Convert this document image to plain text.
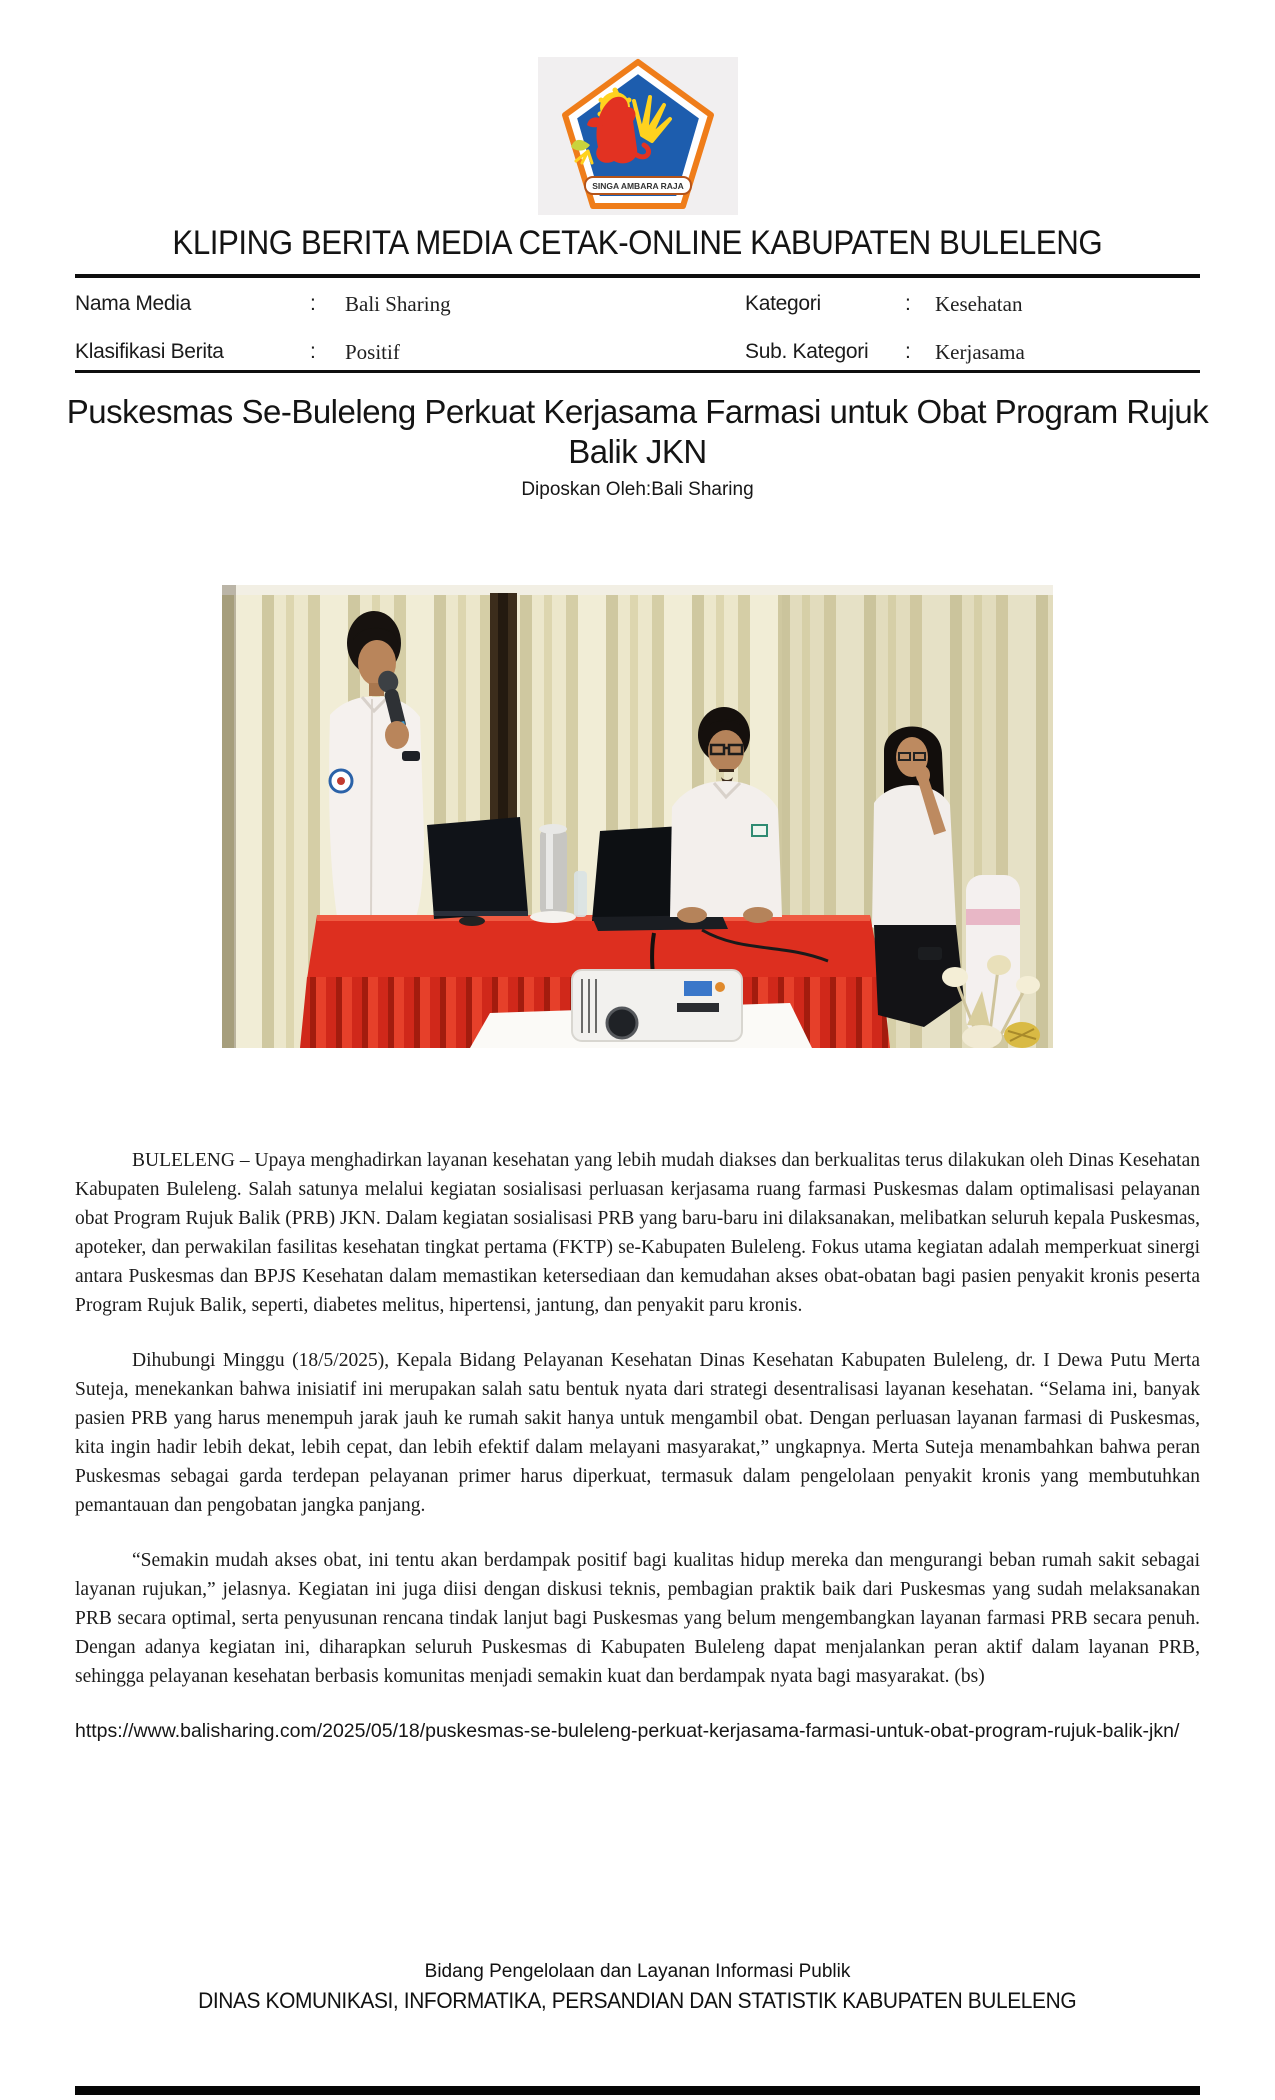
SINGA AMBARA RAJA
KLIPING BERITA MEDIA CETAK-ONLINE KABUPATEN BULELENG
Nama Media	:	Bali Sharing
Klasifikasi Berita	:	Positif
Kategori	:	Kesehatan
Sub. Kategori	:	Kerjasama
Puskesmas Se-Buleleng Perkuat Kerjasama Farmasi untuk Obat Program Rujuk Balik JKN
Diposkan Oleh:Bali Sharing

BULELENG – Upaya menghadirkan layanan kesehatan yang lebih mudah diakses dan berkualitas terus dilakukan oleh Dinas Kesehatan Kabupaten Buleleng. Salah satunya melalui kegiatan sosialisasi perluasan kerjasama ruang farmasi Puskesmas dalam optimalisasi pelayanan obat Program Rujuk Balik (PRB) JKN. Dalam kegiatan sosialisasi PRB yang baru-baru ini dilaksanakan, melibatkan seluruh kepala Puskesmas, apoteker, dan perwakilan fasilitas kesehatan tingkat pertama (FKTP) se-Kabupaten Buleleng. Fokus utama kegiatan adalah memperkuat sinergi antara Puskesmas dan BPJS Kesehatan dalam memastikan ketersediaan dan kemudahan akses obat-obatan bagi pasien penyakit kronis peserta Program Rujuk Balik, seperti, diabetes melitus, hipertensi, jantung, dan penyakit paru kronis.

Dihubungi Minggu (18/5/2025), Kepala Bidang Pelayanan Kesehatan Dinas Kesehatan Kabupaten Buleleng, dr. I Dewa Putu Merta Suteja, menekankan bahwa inisiatif ini merupakan salah satu bentuk nyata dari strategi desentralisasi layanan kesehatan. “Selama ini, banyak pasien PRB yang harus menempuh jarak jauh ke rumah sakit hanya untuk mengambil obat. Dengan perluasan layanan farmasi di Puskesmas, kita ingin hadir lebih dekat, lebih cepat, dan lebih efektif dalam melayani masyarakat,” ungkapnya. Merta Suteja menambahkan bahwa peran Puskesmas sebagai garda terdepan pelayanan primer harus diperkuat, termasuk dalam pengelolaan penyakit kronis yang membutuhkan pemantauan dan pengobatan jangka panjang.

“Semakin mudah akses obat, ini tentu akan berdampak positif bagi kualitas hidup mereka dan mengurangi beban rumah sakit sebagai layanan rujukan,” jelasnya. Kegiatan ini juga diisi dengan diskusi teknis, pembagian praktik baik dari Puskesmas yang sudah melaksanakan PRB secara optimal, serta penyusunan rencana tindak lanjut bagi Puskesmas yang belum mengembangkan layanan farmasi PRB secara penuh. Dengan adanya kegiatan ini, diharapkan seluruh Puskesmas di Kabupaten Buleleng dapat menjalankan peran aktif dalam layanan PRB, sehingga pelayanan kesehatan berbasis komunitas menjadi semakin kuat dan berdampak nyata bagi masyarakat. (bs)

https://www.balisharing.com/2025/05/18/puskesmas-se-buleleng-perkuat-kerjasama-farmasi-untuk-obat-program-rujuk-balik-jkn/
Bidang Pengelolaan dan Layanan Informasi Publik
DINAS KOMUNIKASI, INFORMATIKA, PERSANDIAN DAN STATISTIK KABUPATEN BULELENG
